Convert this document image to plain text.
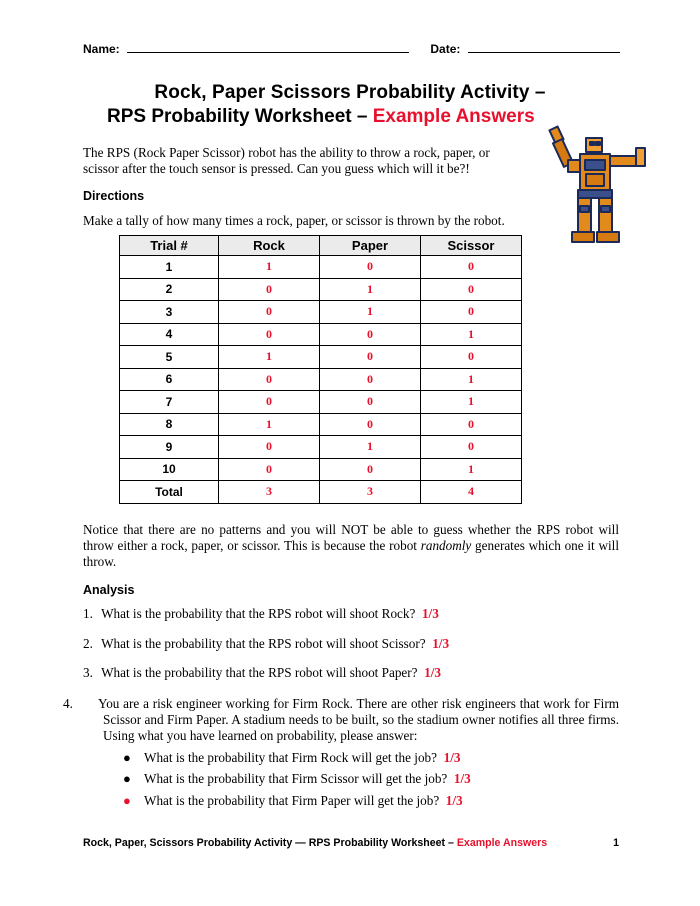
Name:	Date:
Rock, Paper Scissors Probability Activity –
RPS Probability Worksheet – Example Answers
The RPS (Rock Paper Scissor) robot has the ability to throw a rock, paper, or scissor after the touch sensor is pressed. Can you guess which will it be?!
Directions
Make a tally of how many times a rock, paper, or scissor is thrown by the robot.
Trial #	Rock	Paper	Scissor
1	1	0	0
2	0	1	0
3	0	1	0
4	0	0	1
5	1	0	0
6	0	0	1
7	0	0	1
8	1	0	0
9	0	1	0
10	0	0	1
Total	3	3	4
Notice that there are no patterns and you will NOT be able to guess whether the RPS robot will throw either a rock, paper, or scissor. This is because the robot randomly generates which one it will throw.
Analysis
1. What is the probability that the RPS robot will shoot Rock? 1/3
2. What is the probability that the RPS robot will shoot Scissor? 1/3
3. What is the probability that the RPS robot will shoot Paper? 1/3
4. You are a risk engineer working for Firm Rock. There are other risk engineers that work for Firm Scissor and Firm Paper. A stadium needs to be built, so the stadium owner notifies all three firms. Using what you have learned on probability, please answer:
● What is the probability that Firm Rock will get the job? 1/3
● What is the probability that Firm Scissor will get the job? 1/3
● What is the probability that Firm Paper will get the job? 1/3
Rock, Paper, Scissors Probability Activity — RPS Probability Worksheet – Example Answers	1
